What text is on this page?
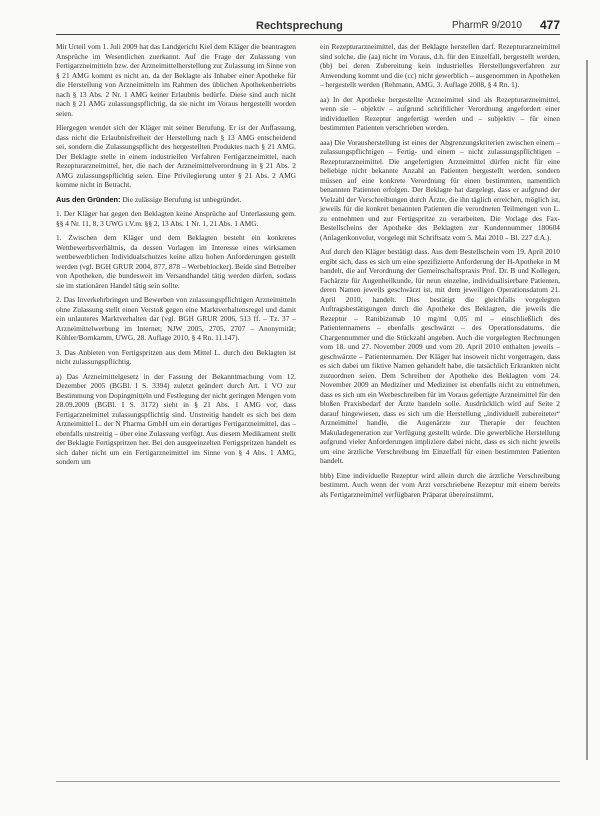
Rechtsprechung	PharmR 9/2010 477

Mit Urteil vom 1. Juli 2009 hat das Landgericht Kiel dem Kläger die beantragten Ansprüche im Wesentlichen zuerkannt. Auf die Frage der Zulassung von Fertigarzneimitteln bzw. der Arzneimittelherstellung zur Zulassung im Sinne von § 21 AMG kommt es nicht an, da der Beklagte als Inhaber einer Apotheke für die Herstellung von Arzneimitteln im Rahmen des üblichen Apothekenbetriebs nach § 13 Abs. 2 Nr. 1 AMG keiner Erlaubnis bedürfe. Diese sind auch nicht nach § 21 AMG zulassungspflichtig, da sie nicht im Voraus hergestellt worden seien.

Hiergegen wendet sich der Kläger mit seiner Berufung. Er ist der Auffassung, dass nicht die Erlaubnisfreiheit der Herstellung nach § 13 AMG entscheidend sei, sondern die Zulassungspflicht des hergestellten Produktes nach § 21 AMG. Der Beklagte stelle in einem industriellen Verfahren Fertigarzneimittel, nach Rezepturarzneimittel, her, die nach der Arzneimittelverordnung in § 21 Abs. 2 AMG zulassungspflichtig seien. Eine Privilegierung unter § 21 Abs. 2 AMG komme nicht in Betracht.

Aus den Gründen: Die zulässige Berufung ist unbegründet.

1. Der Kläger hat gegen den Beklagten keine Ansprüche auf Unterlassung gem. §§ 4 Nr. 11, 8, 3 UWG i.V.m. §§ 2, 13 Abs. 1 Nr. 1, 21 Abs. 1 AMG.

1. Zwischen dem Kläger und dem Beklagten besteht ein konkretes Wettbewerbsverhältnis, da dessen Vorlagen im Interesse eines wirksamen wettbewerblichen Individualschutzes keine allzu hohen Anforderungen gestellt werden (vgl. BGH GRUR 2004, 877, 878 – Werbeblocker). Beide sind Betreiber von Apotheken, die bundesweit im Versandhandel tätig werden dürfen, sodass sie im stationären Handel tätig sein sollte.

2. Das Inverkehrbringen und Bewerben von zulassungspflichtigen Arzneimitteln ohne Zulassung stellt einen Verstoß gegen eine Marktverhaltensregel und damit ein unlauteres Marktverhalten dar (vgl. BGH GRUR 2006, 513 ff. – Tz. 37 – Arzneimittelwerbung im Internet; NJW 2005, 2705, 2707 – Anonymität; Köhler/Bornkamm, UWG, 28. Auflage 2010, § 4 Rn. 11.147).

3. Das Anbieten von Fertigspritzen aus dem Mittel L. durch den Beklagten ist nicht zulassungspflichtig.

a) Das Arzneimittelgesetz in der Fassung der Bekanntmachung vom 12. Dezember 2005 (BGBl. I S. 3394) zuletzt geändert durch Art. 1 VO zur Bestimmung von Dopingmitteln und Festlegung der nicht geringen Mengen vom 28.09.2009 (BGBl. I S. 3172) sieht in § 21 Abs. 1 AMG vor, dass Fertigarzneimittel zulassungspflichtig sind. Unstreitig handelt es sich bei dem Arzneimittel L. der N Pharma GmbH um ein derartiges Fertigarzneimittel, das – ebenfalls unstreitig – über eine Zulassung verfügt. Aus diesem Medikament stellt der Beklagte Fertigspritzen her. Bei den ausgeeinzelten Fertigspritzen handelt es sich daher nicht um ein Fertigarzneimittel im Sinne von § 4 Abs. 1 AMG, sondern um

ein Rezepturarzneimittel, das der Beklagte herstellen darf. Rezepturarzneimittel sind solche, die (aa) nicht im Voraus, d.h. für den Einzelfall, hergestellt werden, (bb) bei deren Zubereitung kein industrielles Herstellungsverfahren zur Anwendung kommt und die (cc) nicht gewerblich – ausgenommen in Apotheken – hergestellt werden (Rehmann, AMG, 3. Auflage 2008, § 4 Rn. 1).

aa) In der Apotheke hergestellte Arzneimittel sind als Rezepturarzneimittel, wenn sie – objektiv – aufgrund schriftlicher Verordnung angefordert einer individuellen Rezeptur angefertigt werden und – subjektiv – für einen bestimmten Patienten verschrieben werden.

aaa) Die Vorausherstellung ist eines der Abgrenzungskriterien zwischen einem – zulassungspflichtigen – Fertig- und einem – nicht zulassungspflichtigen – Rezepturarzneimittel. Die angefertigten Arzneimittel dürfen nicht für eine beliebige nicht bekannte Anzahl an Patienten hergestellt werden, sondern müssen auf eine konkrete Verordnung für einen bestimmten, namentlich benannten Patienten erfolgen. Der Beklagte hat dargelegt, dass er aufgrund der Vielzahl der Verschreibungen durch Ärzte, die ihn täglich erreichen, möglich ist, jeweils für die konkret benannten Patienten die verordneten Teilmengen von L. zu entnehmen und zur Fertigspritze zu verarbeiten. Die Vorlage des Fax-Bestellscheins der Apotheke des Beklagten zur Kundennummer 180604 (Anlagenkonvolut, vorgelegt mit Schriftsatz vom 5. Mai 2010 – Bl. 227 d.A.).

Auf durch den Kläger bestätigt dass. Aus dem Bestellschein vom 19. April 2010 ergibt sich, dass es sich um eine spezifizierte Anforderung der H-Apotheke in M handelt, die auf Verordnung der Gemeinschaftspraxis Prof. Dr. B und Kollegen, Fachärzte für Augenheilkunde, für neun einzelne, individualisierbare Patienten, deren Namen jeweils geschwärzt ist, mit dem jeweiligen Operationsdatum 21. April 2010, handelt. Dies bestätigt die gleichfalls vorgelegten Auftragsbestätigungen durch die Apotheke des Beklagten, die jeweils die Rezeptur – Ranibizumab 10 mg/ml 0,05 ml – einschließlich des Patientennamens – ebenfalls geschwärzt – des Operationsdatums, die Chargennummer und die Stückzahl angeben. Auch die vorgelegten Rechnungen vom 18. und 27. November 2009 und vom 20. April 2010 enthalten jeweils – geschwärzte – Patientennamen. Der Kläger hat insoweit nicht vorgetragen, dass es sich dabei um fiktive Namen gehandelt habe, die tatsächlich Erkrankten nicht zuzuordnen seien. Dem Schreiben der Apotheke des Beklagten vom 24. November 2009 an Mediziner und Mediziner ist ebenfalls nicht zu entnehmen, dass es sich um ein Werbeschreiben für im Voraus gefertigte Arzneimittel für den bloßen Praxisbedarf der Ärzte handeln solle. Ausdrücklich wird auf Seite 2 darauf hingewiesen, dass es sich um die Herstellung „individuell zubereiteter“ Arzneimittel handle, die Augenärzte zur Therapie der feuchten Makuladegeneration zur Verfügung gestellt würde. Die gewerbliche Herstellung aufgrund vieler Anforderungen impliziere dabei nicht, dass es sich nicht jeweils um eine ärztliche Verschreibung im Einzelfall für einen bestimmten Patienten handelt.

bbb) Eine individuelle Rezeptur wird allein durch die ärztliche Verschreibung bestimmt. Auch wenn der vom Arzt verschriebene Rezeptur mit einem bereits als Fertigarzneimittel verfügbaren Präparat übereinstimmt,
